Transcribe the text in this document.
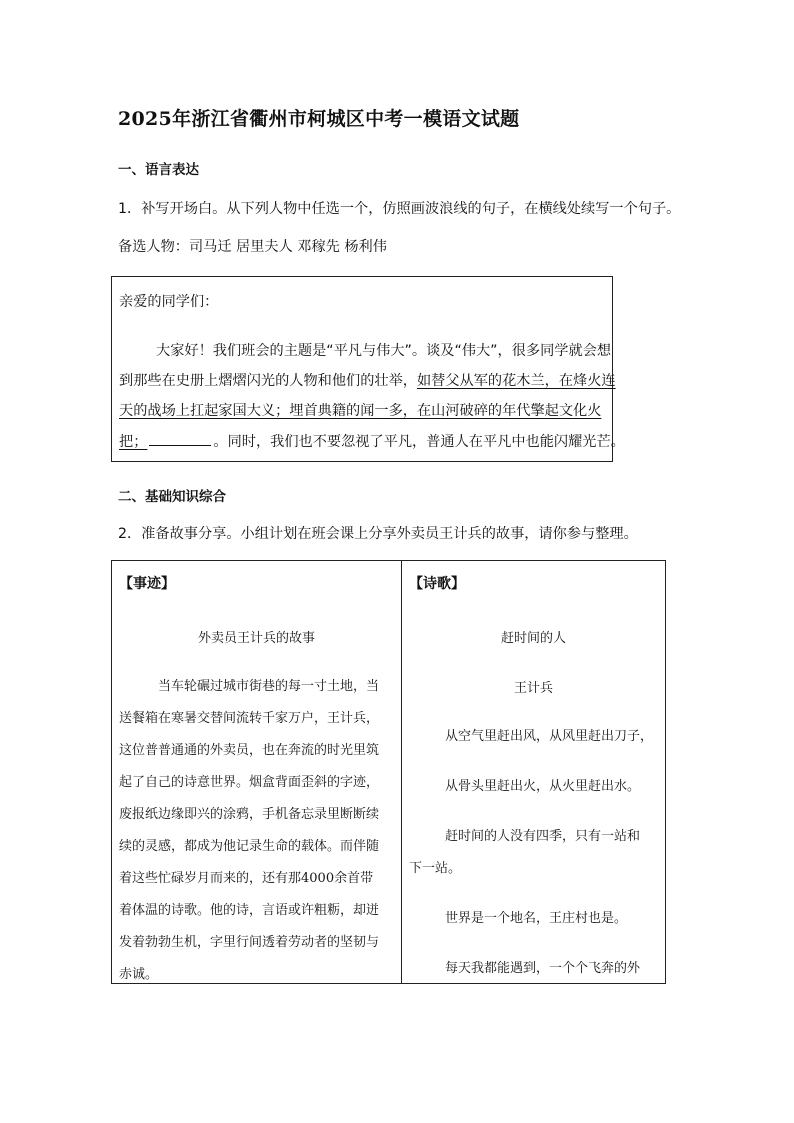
2025年浙江省衢州市柯城区中考一模语文试题
一、语言表达
1．补写开场白。从下列人物中任选一个，仿照画波浪线的句子，在横线处续写一个句子。
备选人物：司马迁 居里夫人 邓稼先 杨利伟
亲爱的同学们：
大家好！我们班会的主题是“平凡与伟大”。谈及“伟大”，很多同学就会想
到那些在史册上熠熠闪光的人物和他们的壮举，如替父从军的花木兰，在烽火连
天的战场上扛起家国大义；埋首典籍的闻一多，在山河破碎的年代擎起文化火
把；	。同时，我们也不要忽视了平凡，普通人在平凡中也能闪耀光芒。
二、基础知识综合
2．准备故事分享。小组计划在班会课上分享外卖员王计兵的故事，请你参与整理。
【事迹】
外卖员王计兵的故事
当车轮碾过城市街巷的每一寸土地，当
送餐箱在寒暑交替间流转千家万户，王计兵，
这位普普通通的外卖员，也在奔流的时光里筑
起了自己的诗意世界。烟盒背面歪斜的字迹，
废报纸边缘即兴的涂鸦，手机备忘录里断断续
续的灵感，都成为他记录生命的载体。而伴随
着这些忙碌岁月而来的，还有那4000余首带
着体温的诗歌。他的诗，言语或许粗粝，却迸
发着勃勃生机，字里行间透着劳动者的坚韧与
赤诚。
【诗歌】
赶时间的人
王计兵
从空气里赶出风，从风里赶出刀子，
从骨头里赶出火，从火里赶出水。
赶时间的人没有四季，只有一站和
下一站。
世界是一个地名，王庄村也是。
每天我都能遇到，一个个飞奔的外
